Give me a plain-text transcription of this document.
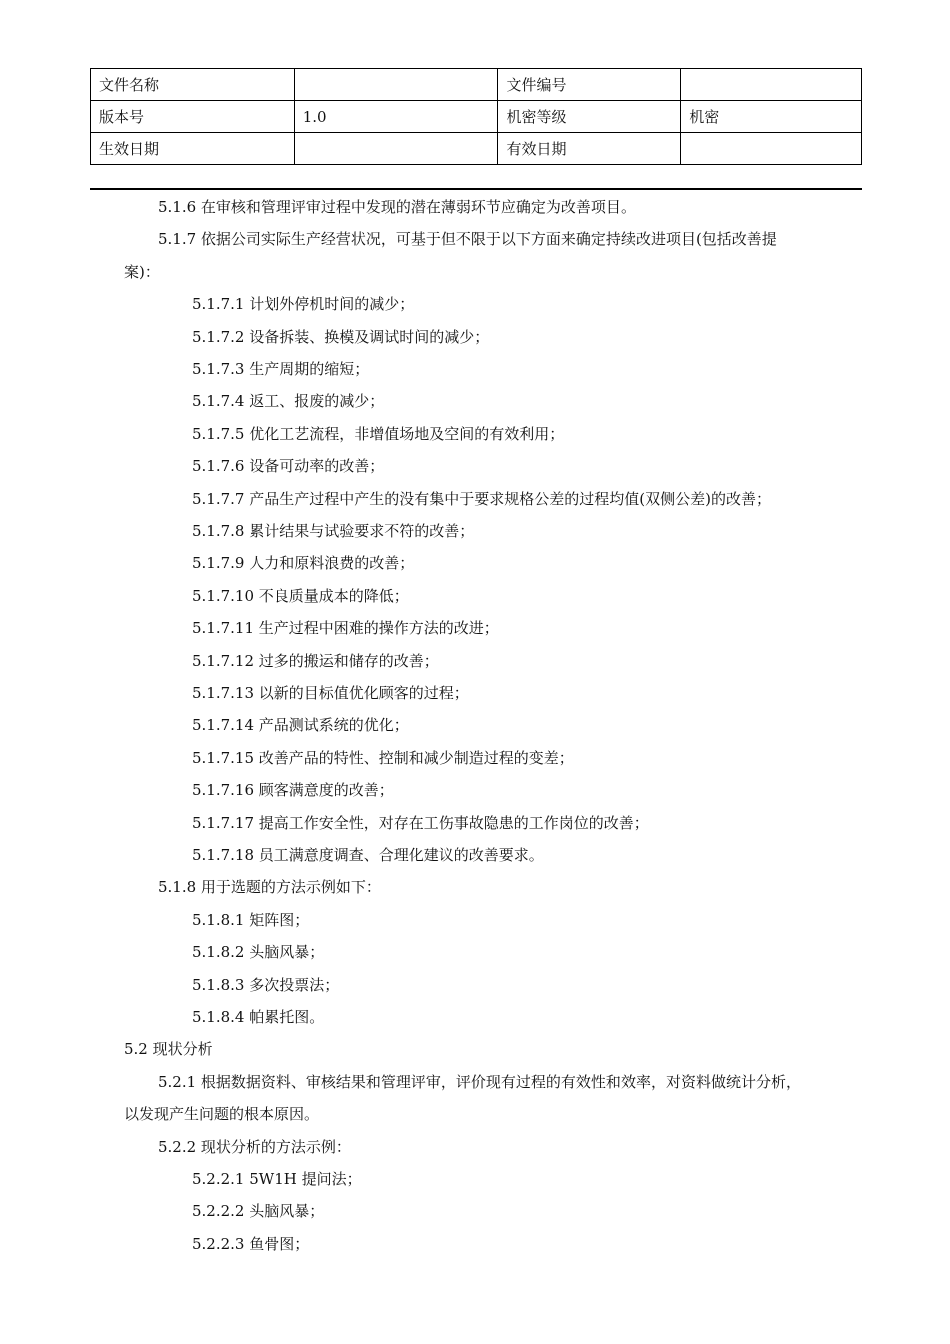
文件名称		文件编号	
版本号	1.0	机密等级	机密
生效日期		有效日期	
5.1.6 在审核和管理评审过程中发现的潜在薄弱环节应确定为改善项目。
5.1.7 依据公司实际生产经营状况，可基于但不限于以下方面来确定持续改进项目(包括改善提
案)：
5.1.7.1 计划外停机时间的减少；
5.1.7.2 设备拆装、换模及调试时间的减少；
5.1.7.3 生产周期的缩短；
5.1.7.4 返工、报废的减少；
5.1.7.5 优化工艺流程，非增值场地及空间的有效利用；
5.1.7.6 设备可动率的改善；
5.1.7.7 产品生产过程中产生的没有集中于要求规格公差的过程均值(双侧公差)的改善；
5.1.7.8 累计结果与试验要求不符的改善；
5.1.7.9 人力和原料浪费的改善；
5.1.7.10 不良质量成本的降低；
5.1.7.11 生产过程中困难的操作方法的改进；
5.1.7.12 过多的搬运和储存的改善；
5.1.7.13 以新的目标值优化顾客的过程；
5.1.7.14 产品测试系统的优化；
5.1.7.15 改善产品的特性、控制和减少制造过程的变差；
5.1.7.16 顾客满意度的改善；
5.1.7.17 提高工作安全性，对存在工伤事故隐患的工作岗位的改善；
5.1.7.18 员工满意度调查、合理化建议的改善要求。
5.1.8 用于选题的方法示例如下：
5.1.8.1 矩阵图；
5.1.8.2 头脑风暴；
5.1.8.3 多次投票法；
5.1.8.4 帕累托图。
5.2 现状分析
5.2.1 根据数据资料、审核结果和管理评审，评价现有过程的有效性和效率，对资料做统计分析，
以发现产生问题的根本原因。
5.2.2 现状分析的方法示例：
5.2.2.1 5W1H 提问法；
5.2.2.2 头脑风暴；
5.2.2.3 鱼骨图；
